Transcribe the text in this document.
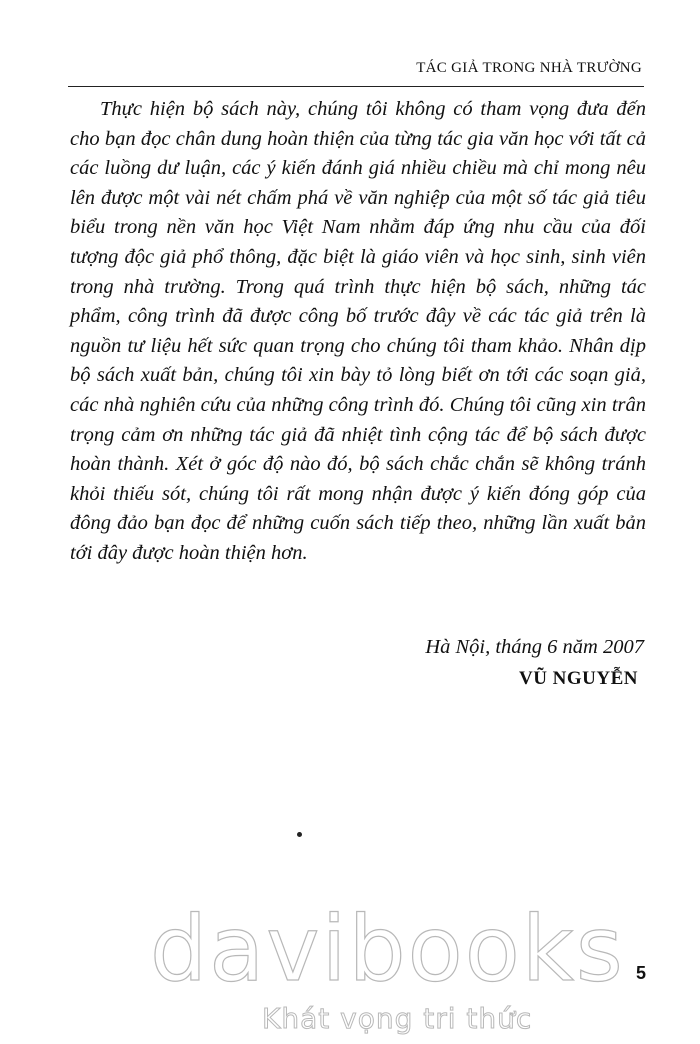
TÁC GIẢ TRONG NHÀ TRƯỜNG

Thực hiện bộ sách này, chúng tôi không có tham vọng đưa đến cho bạn đọc chân dung hoàn thiện của từng tác gia văn học với tất cả các luồng dư luận, các ý kiến đánh giá nhiều chiều mà chỉ mong nêu lên được một vài nét chấm phá về văn nghiệp của một số tác giả tiêu biểu trong nền văn học Việt Nam nhằm đáp ứng nhu cầu của đối tượng độc giả phổ thông, đặc biệt là giáo viên và học sinh, sinh viên trong nhà trường. Trong quá trình thực hiện bộ sách, những tác phẩm, công trình đã được công bố trước đây về các tác giả trên là nguồn tư liệu hết sức quan trọng cho chúng tôi tham khảo. Nhân dịp bộ sách xuất bản, chúng tôi xin bày tỏ lòng biết ơn tới các soạn giả, các nhà nghiên cứu của những công trình đó. Chúng tôi cũng xin trân trọng cảm ơn những tác giả đã nhiệt tình cộng tác để bộ sách được hoàn thành. Xét ở góc độ nào đó, bộ sách chắc chắn sẽ không tránh khỏi thiếu sót, chúng tôi rất mong nhận được ý kiến đóng góp của đông đảo bạn đọc để những cuốn sách tiếp theo, những lần xuất bản tới đây được hoàn thiện hơn.

Hà Nội, tháng 6 năm 2007
VŨ NGUYỄN
davibooks
Khát vọng tri thức
5
